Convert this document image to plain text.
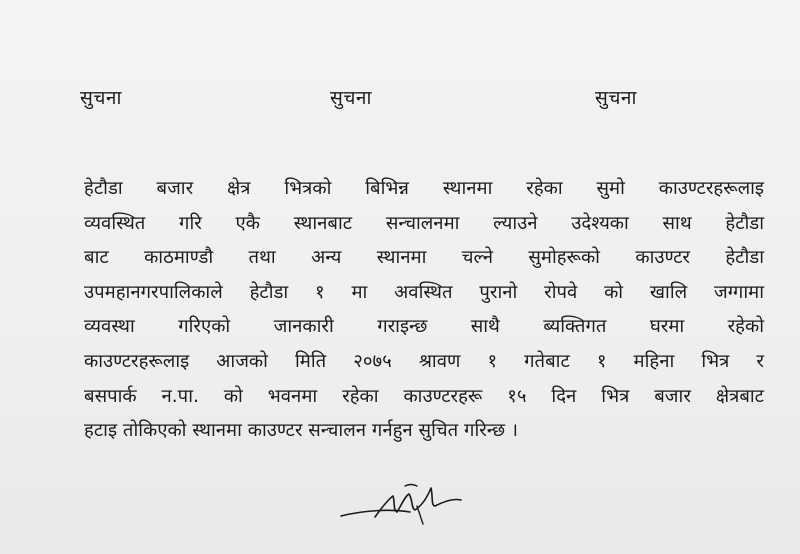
सुचना	सुचना	सुचना
हेटौडा बजार क्षेत्र भित्रको बिभिन्न स्थानमा रहेका सुमो काउण्टरहरूलाइ
व्यवस्थित गरि एकै स्थानबाट सन्चालनमा ल्याउने उदेश्यका साथ हेटौडा
बाट काठमाण्डौ तथा अन्य स्थानमा चल्ने सुमोहरूको काउण्टर हेटौडा
उपमहानगरपालिकाले हेटौडा १ मा अवस्थित पुरानो रोपवे को खालि जग्गामा
व्यवस्था गरिएको जानकारी गराइन्छ साथै ब्यक्तिगत घरमा रहेको
काउण्टरहरूलाइ आजको मिति २०७५ श्रावण १ गतेबाट १ महिना भित्र र
बसपार्क न.पा. को भवनमा रहेका काउण्टरहरू १५ दिन भित्र बजार क्षेत्रबाट
हटाइ तोकिएको स्थानमा काउण्टर सन्चालन गर्नहुन सुचित गरिन्छ ।
